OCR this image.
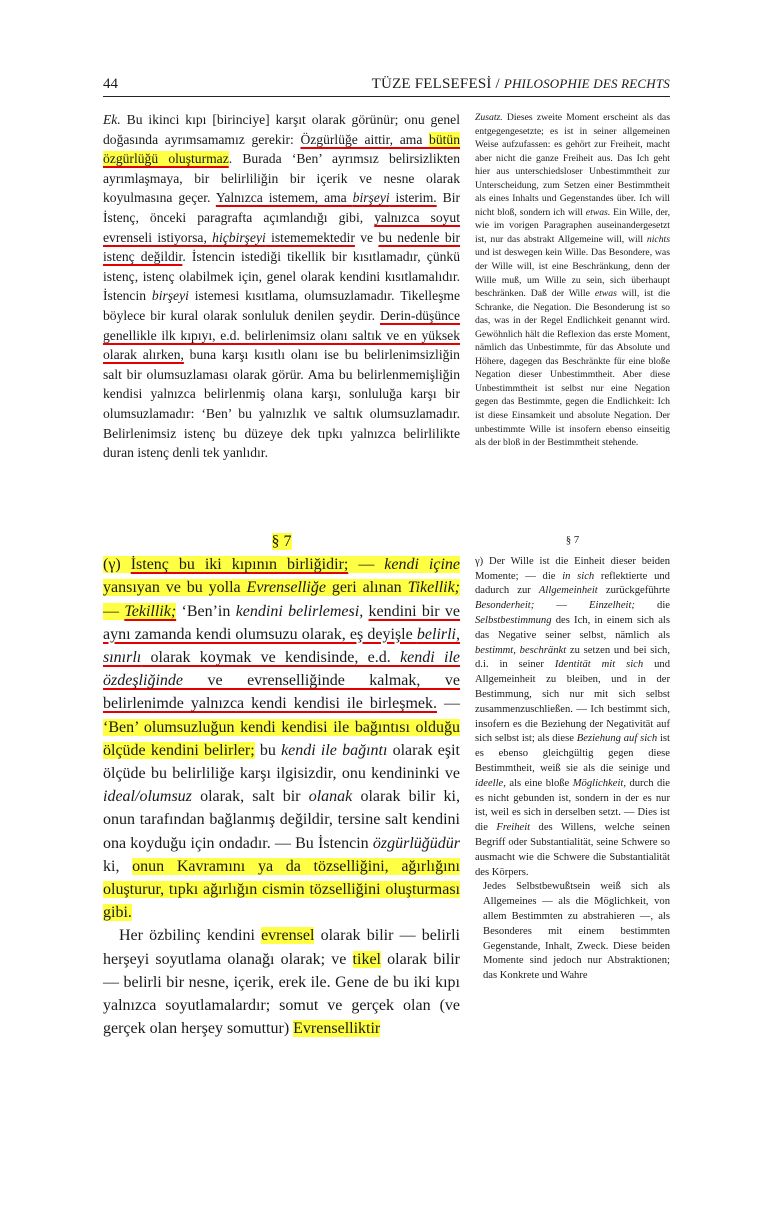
44	TÜZE FELSEFESİ / PHILOSOPHIE DES RECHTS

Ek. Bu ikinci kıpı [birinciye] karşıt olarak görünür; onu genel doğasında ayrımsamamız gerekir: Özgürlüğe aittir, ama bütün özgürlüğü oluşturmaz. Burada ‘Ben’ ayrımsız belirsizlikten ayrımlaşmaya, bir belirliliğin bir içerik ve nesne olarak koyulmasına geçer. Yalnızca istemem, ama birşeyi isterim. Bir İstenç, önceki paragrafta açımlandığı gibi, yalnızca soyut evrenseli istiyorsa, hiçbirşeyi istememektedir ve bu nedenle bir istenç değildir. İstencin istediği tikellik bir kısıtlamadır, çünkü istenç, istenç olabilmek için, genel olarak kendini kısıtlamalıdır. İstencin birşeyi istemesi kısıtlama, olumsuzlamadır. Tikelleşme böylece bir kural olarak sonluluk denilen şeydir. Derin-düşünce genellikle ilk kıpıyı, e.d. belirlenimsiz olanı saltık ve en yüksek olarak alırken, buna karşı kısıtlı olanı ise bu belirlenimsizliğin salt bir olumsuzlaması olarak görür. Ama bu belirlenmemişliğin kendisi yalnızca belirlenmiş olana karşı, sonluluğa karşı bir olumsuzlamadır: ‘Ben’ bu yalnızlık ve saltık olumsuzlamadır. Belirlenimsiz istenç bu düzeye dek tıpkı yalnızca belirlilikte duran istenç denli tek yanlıdır.

Zusatz. Dieses zweite Moment erscheint als das entgegengesetzte; es ist in seiner allgemeinen Weise aufzufassen: es gehört zur Freiheit, macht aber nicht die ganze Freiheit aus. Das Ich geht hier aus unterschiedsloser Unbestimmtheit zur Unterscheidung, zum Setzen einer Bestimmtheit als eines Inhalts und Gegenstandes über. Ich will nicht bloß, sondern ich will etwas. Ein Wille, der, wie im vorigen Paragraphen auseinandergesetzt ist, nur das abstrakt Allgemeine will, will nichts und ist deswegen kein Wille. Das Besondere, was der Wille will, ist eine Beschränkung, denn der Wille muß, um Wille zu sein, sich überhaupt beschränken. Daß der Wille etwas will, ist die Schranke, die Negation. Die Besonderung ist so das, was in der Regel Endlichkeit genannt wird. Gewöhnlich hält die Reflexion das erste Moment, nämlich das Unbestimmte, für das Absolute und Höhere, dagegen das Beschränkte für eine bloße Negation dieser Unbestimmtheit. Aber diese Unbestimmtheit ist selbst nur eine Negation gegen das Bestimmte, gegen die Endlichkeit: Ich ist diese Einsamkeit und absolute Negation. Der unbestimmte Wille ist insofern ebenso einseitig als der bloß in der Bestimmtheit stehende.

§ 7

(γ) İstenç bu iki kıpının birliğidir; — kendi içine yansıyan ve bu yolla Evrenselliğe geri alınan Tikellik; — Tekillik; ‘Ben’in kendini belirlemesi, kendini bir ve aynı zamanda kendi olumsuzu olarak, eş deyişle belirli, sınırlı olarak koymak ve kendisinde, e.d. kendi ile özdeşliğinde ve evrenselliğinde kalmak, ve belirlenimde yalnızca kendi kendisi ile birleşmek. — ‘Ben’ olumsuzluğun kendi kendisi ile bağıntısı olduğu ölçüde kendini belirler; bu kendi ile bağıntı olarak eşit ölçüde bu belirliliğe karşı ilgisizdir, onu kendininki ve ideal/olumsuz olarak, salt bir olanak olarak bilir ki, onun tarafından bağlanmış değildir, tersine salt kendini ona koyduğu için ondadır. — Bu İstencin özgürlüğüdür ki, onun Kavramını ya da tözselliğini, ağırlığını oluşturur, tıpkı ağırlığın cismin tözselliğini oluşturması gibi.

Her özbilinç kendini evrensel olarak bilir — belirli herşeyi soyutlama olanağı olarak; ve tikel olarak bilir — belirli bir nesne, içerik, erek ile. Gene de bu iki kıpı yalnızca soyutlamalardır; somut ve gerçek olan (ve gerçek olan herşey somuttur) Evrenselliktir

§ 7

γ) Der Wille ist die Einheit dieser beiden Momente; — die in sich reflektierte und dadurch zur Allgemeinheit zurückgeführte Besonderheit; — Einzelheit; die Selbstbestimmung des Ich, in einem sich als das Negative seiner selbst, nämlich als bestimmt, beschränkt zu setzen und bei sich, d.i. in seiner Identität mit sich und Allgemeinheit zu bleiben, und in der Bestimmung, sich nur mit sich selbst zusammenzuschließen. — Ich bestimmt sich, insofern es die Beziehung der Negativität auf sich selbst ist; als diese Beziehung auf sich ist es ebenso gleichgültig gegen diese Bestimmtheit, weiß sie als die seinige und ideelle, als eine bloße Möglichkeit, durch die es nicht gebunden ist, sondern in der es nur ist, weil es sich in derselben setzt. — Dies ist die Freiheit des Willens, welche seinen Begriff oder Substantialität, seine Schwere so ausmacht wie die Schwere die Substantialität des Körpers.

Jedes Selbstbewußtsein weiß sich als Allgemeines — als die Möglichkeit, von allem Bestimmten zu abstrahieren —, als Besonderes mit einem bestimmten Gegenstande, Inhalt, Zweck. Diese beiden Momente sind jedoch nur Abstraktionen; das Konkrete und Wahre
